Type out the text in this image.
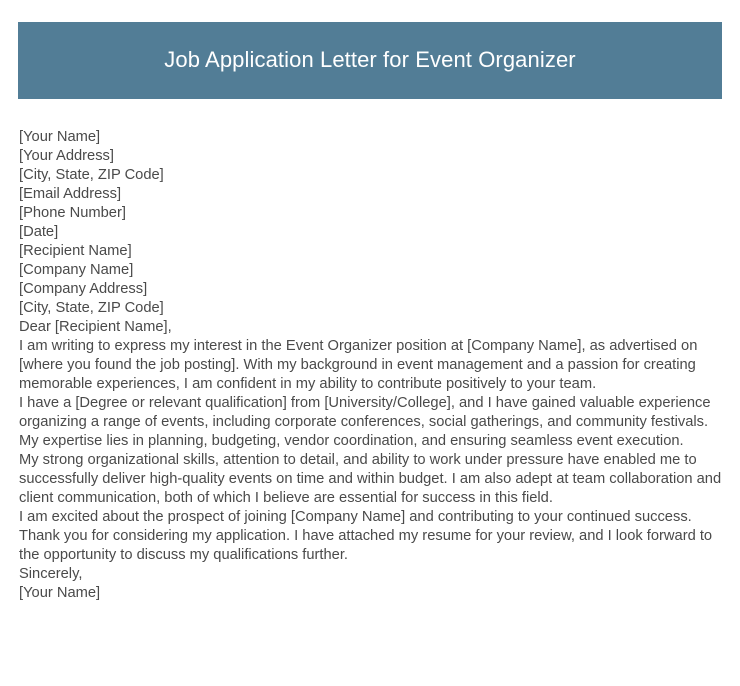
Job Application Letter for Event Organizer

[Your Name]

[Your Address]

[City, State, ZIP Code]

[Email Address]

[Phone Number]

[Date]

[Recipient Name]

[Company Name]

[Company Address]

[City, State, ZIP Code]

Dear [Recipient Name],

I am writing to express my interest in the Event Organizer position at [Company Name], as advertised on [where you found the job posting]. With my background in event management and a passion for creating memorable experiences, I am confident in my ability to contribute positively to your team.

I have a [Degree or relevant qualification] from [University/College], and I have gained valuable experience organizing a range of events, including corporate conferences, social gatherings, and community festivals. My expertise lies in planning, budgeting, vendor coordination, and ensuring seamless event execution.

My strong organizational skills, attention to detail, and ability to work under pressure have enabled me to successfully deliver high-quality events on time and within budget. I am also adept at team collaboration and client communication, both of which I believe are essential for success in this field.

I am excited about the prospect of joining [Company Name] and contributing to your continued success. Thank you for considering my application. I have attached my resume for your review, and I look forward to the opportunity to discuss my qualifications further.

Sincerely,

[Your Name]
